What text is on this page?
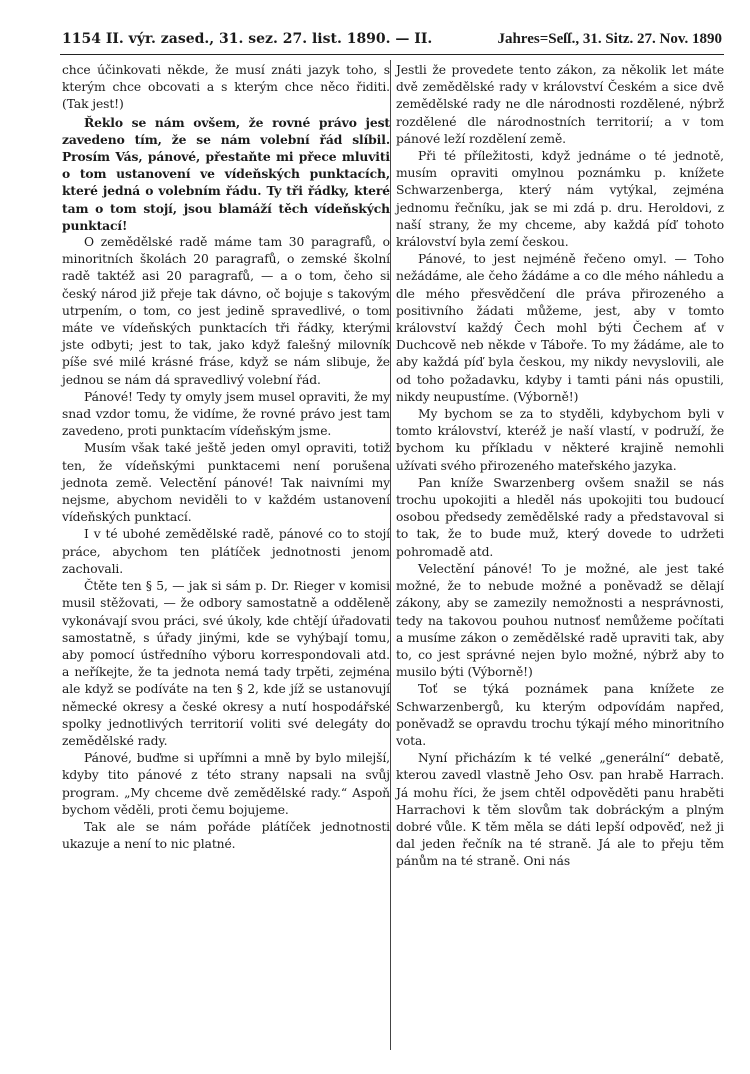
1154 II. výr. zased., 31. sez. 27. list. 1890. — II.	Jahres=Seſſ., 31. Sitz. 27. Nov. 1890

chce účinkovati někde, že musí znáti jazyk toho, s kterým chce obcovati a s kterým chce něco řiditi. (Tak jest!)

Řeklo se nám ovšem, že rovné právo jest zavedeno tím, že se nám volební řád slíbil. Prosím Vás, pánové, přestaňte mi přece mluviti o tom ustanovení ve vídeňských punktacích, které jedná o volebním řádu. Ty tři řádky, které tam o tom stojí, jsou blamáží těch vídeňských punktací!

O zemědělské radě máme tam 30 paragrafů, o minoritních školách 20 paragrafů, o zemské školní radě taktéž asi 20 paragrafů, — a o tom, čeho si český národ již přeje tak dávno, oč bojuje s takovým utrpením, o tom, co jest jedině spravedlivé, o tom máte ve vídeňských punktacích tři řádky, kterými jste odbyti; jest to tak, jako když falešný milovník píše své milé krásné fráse, když se nám slibuje, že jednou se nám dá spravedlivý volební řád.

Pánové! Tedy ty omyly jsem musel opraviti, že my snad vzdor tomu, že vidíme, že rovné právo jest tam zavedeno, proti punktacím vídeňským jsme.

Musím však také ještě jeden omyl opraviti, totiž ten, že vídeňskými punktacemi není porušena jednota země. Velectění pánové! Tak naivními my nejsme, abychom neviděli to v každém ustanovení vídeňských punktací.

I v té ubohé zemědělské radě, pánové co to stojí práce, abychom ten plátíček jednotnosti jenom zachovali.

Čtěte ten § 5, — jak si sám p. Dr. Rieger v komisi musil stěžovati, — že odbory samostatně a odděleně vykonávají svou práci, své úkoly, kde chtějí úřadovati samostatně, s úřady jinými, kde se vyhýbají tomu, aby pomocí ústředního výboru korrespondovali atd. a neříkejte, že ta jednota nemá tady trpěti, zejména ale když se podíváte na ten § 2, kde jíž se ustanovují německé okresy a české okresy a nutí hospodářské spolky jednotlivých territorií voliti své delegáty do zemědělské rady.

Pánové, buďme si upřímni a mně by bylo milejší, kdyby tito pánové z této strany napsali na svůj program. „My chceme dvě zemědělské rady.“ Aspoň bychom věděli, proti čemu bojujeme.

Tak ale se nám pořáde plátíček jednotnosti ukazuje a není to nic platné.

Jestli že provedete tento zákon, za několik let máte dvě zemědělské rady v království Českém a sice dvě zemědělské rady ne dle národnosti rozdělené, nýbrž rozdělené dle národnostních territorií; a v tom pánové leží rozdělení země.

Při té příležitosti, když jednáme o té jednotě, musím opraviti omylnou poznámku p. knížete Schwarzenberga, který nám vytýkal, zejména jednomu řečníku, jak se mi zdá p. dru. Heroldovi, z naší strany, že my chceme, aby každá píď tohoto království byla zemí českou.

Pánové, to jest nejméně řečeno omyl. — Toho nežádáme, ale čeho žádáme a co dle mého náhledu a dle mého přesvědčení dle práva přirozeného a positivního žádati můžeme, jest, aby v tomto království každý Čech mohl býti Čechem ať v Duchcově neb někde v Táboře. To my žádáme, ale to aby každá píď byla českou, my nikdy nevyslovili, ale od toho požadavku, kdyby i tamti páni nás opustili, nikdy neupustíme. (Výborně!)

My bychom se za to styděli, kdybychom byli v tomto království, kteréž je naší vlastí, v podruží, že bychom ku příkladu v některé krajině nemohli užívati svého přirozeného mateřského jazyka.

Pan kníže Swarzenberg ovšem snažil se nás trochu upokojiti a hleděl nás upokojiti tou budoucí osobou předsedy zemědělské rady a představoval si to tak, že to bude muž, který dovede to udržeti pohromadě atd.

Velectění pánové! To je možné, ale jest také možné, že to nebude možné a poněvadž se dělají zákony, aby se zamezily nemožnosti a nesprávnosti, tedy na takovou pouhou nutnosť nemůžeme počítati a musíme zákon o zemědělské radě upraviti tak, aby to, co jest správné nejen bylo možné, nýbrž aby to musilo býti (Výborně!)

Toť se týká poznámek pana knížete ze Schwarzenbergů, ku kterým odpovídám napřed, poněvadž se opravdu trochu týkají mého minoritního vota.

Nyní přicházím k té velké „generální“ debatě, kterou zavedl vlastně Jeho Osv. pan hrabě Harrach. Já mohu říci, že jsem chtěl odpověděti panu hraběti Harrachovi k těm slovům tak dobráckým a plným dobré vůle. K těm měla se dáti lepší odpověď, než ji dal jeden řečník na té straně. Já ale to přeju těm pánům na té straně. Oni nás
